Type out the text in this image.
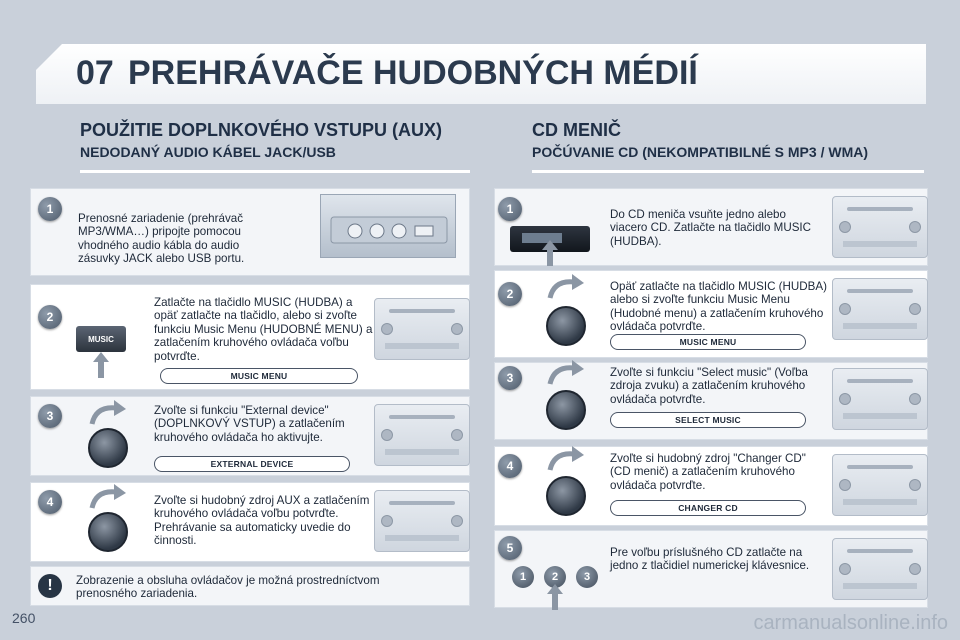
07 PREHRÁVAČE HUDOBNÝCH MÉDIÍ
POUŽITIE DOPLNKOVÉHO VSTUPU (AUX)
NEDODANÝ AUDIO KÁBEL JACK/USB
CD MENIČ
POČÚVANIE CD (NEKOMPATIBILNÉ S MP3 / WMA)
1
Prenosné zariadenie (prehrávač MP3/WMA…) pripojte pomocou vhodného audio kábla do audio zásuvky JACK alebo USB portu.
2
MUSIC
Zatlačte na tlačidlo MUSIC (HUDBA) a opäť zatlačte na tlačidlo, alebo si zvoľte funkciu Music Menu (HUDOBNÉ MENU) a zatlačením kruhového ovládača voľbu potvrďte.
MUSIC MENU
3	Zvoľte si funkciu "External device" (DOPLNKOVÝ VSTUP) a zatlačením kruhového ovládača ho aktivujte.
EXTERNAL DEVICE
4	Zvoľte si hudobný zdroj AUX a zatlačením kruhového ovládača voľbu potvrďte. Prehrávanie sa automaticky uvedie do činnosti.
!	Zobrazenie a obsluha ovládačov je možná prostredníctvom prenosného zariadenia.
1	Do CD meniča vsuňte jedno alebo viacero CD. Zatlačte na tlačidlo MUSIC (HUDBA).
2
Opäť zatlačte na tlačidlo MUSIC (HUDBA) alebo si zvoľte funkciu Music Menu (Hudobné menu) a zatlačením kruhového ovládača potvrďte.
MUSIC MENU
3	Zvoľte si funkciu "Select music" (Voľba zdroja zvuku) a zatlačením kruhového ovládača potvrďte.
SELECT MUSIC
4
Zvoľte si hudobný zdroj "Changer CD" (CD menič) a zatlačením kruhového ovládača potvrďte.
CHANGER CD
5
1	2	3
Pre voľbu príslušného CD zatlačte na jedno z tlačidiel numerickej klávesnice.
260	carmanualsonline.info
